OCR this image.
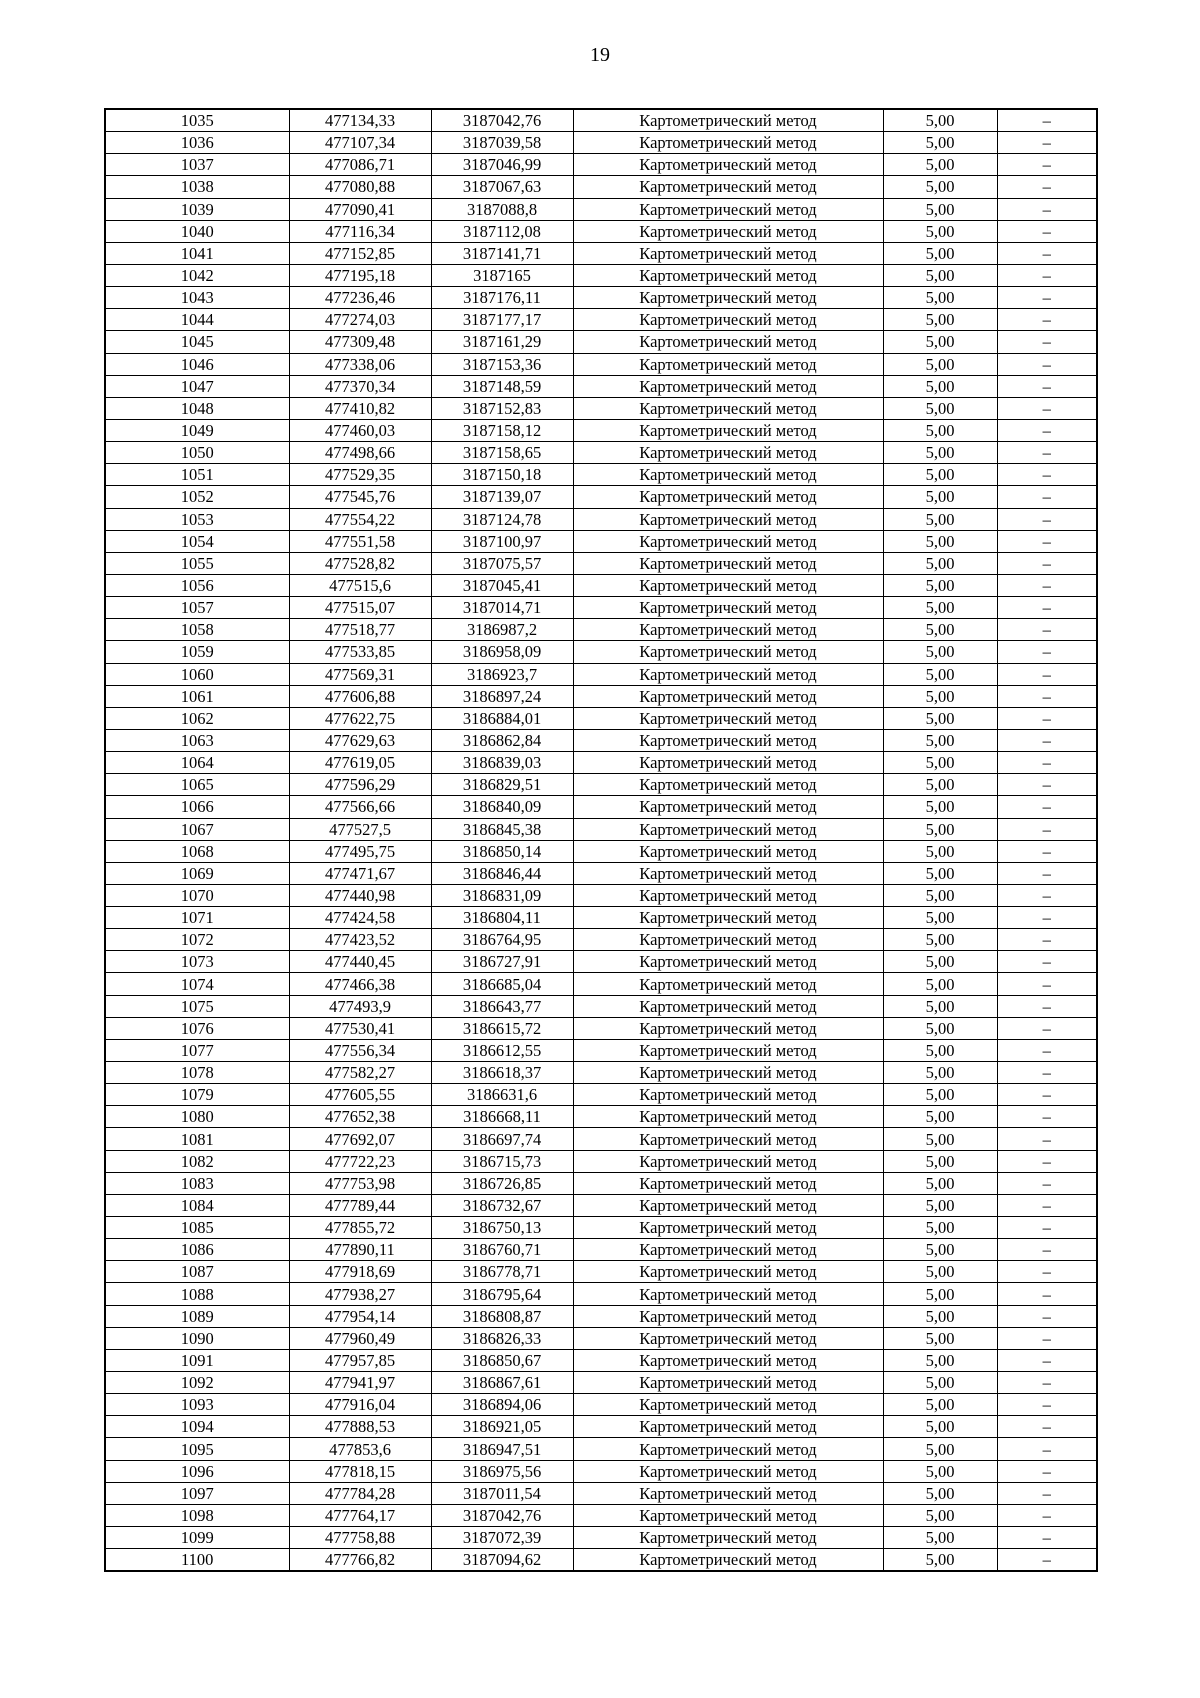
19
1035	477134,33	3187042,76	Картометрический метод	5,00	–
1036	477107,34	3187039,58	Картометрический метод	5,00	–
1037	477086,71	3187046,99	Картометрический метод	5,00	–
1038	477080,88	3187067,63	Картометрический метод	5,00	–
1039	477090,41	3187088,8	Картометрический метод	5,00	–
1040	477116,34	3187112,08	Картометрический метод	5,00	–
1041	477152,85	3187141,71	Картометрический метод	5,00	–
1042	477195,18	3187165	Картометрический метод	5,00	–
1043	477236,46	3187176,11	Картометрический метод	5,00	–
1044	477274,03	3187177,17	Картометрический метод	5,00	–
1045	477309,48	3187161,29	Картометрический метод	5,00	–
1046	477338,06	3187153,36	Картометрический метод	5,00	–
1047	477370,34	3187148,59	Картометрический метод	5,00	–
1048	477410,82	3187152,83	Картометрический метод	5,00	–
1049	477460,03	3187158,12	Картометрический метод	5,00	–
1050	477498,66	3187158,65	Картометрический метод	5,00	–
1051	477529,35	3187150,18	Картометрический метод	5,00	–
1052	477545,76	3187139,07	Картометрический метод	5,00	–
1053	477554,22	3187124,78	Картометрический метод	5,00	–
1054	477551,58	3187100,97	Картометрический метод	5,00	–
1055	477528,82	3187075,57	Картометрический метод	5,00	–
1056	477515,6	3187045,41	Картометрический метод	5,00	–
1057	477515,07	3187014,71	Картометрический метод	5,00	–
1058	477518,77	3186987,2	Картометрический метод	5,00	–
1059	477533,85	3186958,09	Картометрический метод	5,00	–
1060	477569,31	3186923,7	Картометрический метод	5,00	–
1061	477606,88	3186897,24	Картометрический метод	5,00	–
1062	477622,75	3186884,01	Картометрический метод	5,00	–
1063	477629,63	3186862,84	Картометрический метод	5,00	–
1064	477619,05	3186839,03	Картометрический метод	5,00	–
1065	477596,29	3186829,51	Картометрический метод	5,00	–
1066	477566,66	3186840,09	Картометрический метод	5,00	–
1067	477527,5	3186845,38	Картометрический метод	5,00	–
1068	477495,75	3186850,14	Картометрический метод	5,00	–
1069	477471,67	3186846,44	Картометрический метод	5,00	–
1070	477440,98	3186831,09	Картометрический метод	5,00	–
1071	477424,58	3186804,11	Картометрический метод	5,00	–
1072	477423,52	3186764,95	Картометрический метод	5,00	–
1073	477440,45	3186727,91	Картометрический метод	5,00	–
1074	477466,38	3186685,04	Картометрический метод	5,00	–
1075	477493,9	3186643,77	Картометрический метод	5,00	–
1076	477530,41	3186615,72	Картометрический метод	5,00	–
1077	477556,34	3186612,55	Картометрический метод	5,00	–
1078	477582,27	3186618,37	Картометрический метод	5,00	–
1079	477605,55	3186631,6	Картометрический метод	5,00	–
1080	477652,38	3186668,11	Картометрический метод	5,00	–
1081	477692,07	3186697,74	Картометрический метод	5,00	–
1082	477722,23	3186715,73	Картометрический метод	5,00	–
1083	477753,98	3186726,85	Картометрический метод	5,00	–
1084	477789,44	3186732,67	Картометрический метод	5,00	–
1085	477855,72	3186750,13	Картометрический метод	5,00	–
1086	477890,11	3186760,71	Картометрический метод	5,00	–
1087	477918,69	3186778,71	Картометрический метод	5,00	–
1088	477938,27	3186795,64	Картометрический метод	5,00	–
1089	477954,14	3186808,87	Картометрический метод	5,00	–
1090	477960,49	3186826,33	Картометрический метод	5,00	–
1091	477957,85	3186850,67	Картометрический метод	5,00	–
1092	477941,97	3186867,61	Картометрический метод	5,00	–
1093	477916,04	3186894,06	Картометрический метод	5,00	–
1094	477888,53	3186921,05	Картометрический метод	5,00	–
1095	477853,6	3186947,51	Картометрический метод	5,00	–
1096	477818,15	3186975,56	Картометрический метод	5,00	–
1097	477784,28	3187011,54	Картометрический метод	5,00	–
1098	477764,17	3187042,76	Картометрический метод	5,00	–
1099	477758,88	3187072,39	Картометрический метод	5,00	–
1100	477766,82	3187094,62	Картометрический метод	5,00	–
